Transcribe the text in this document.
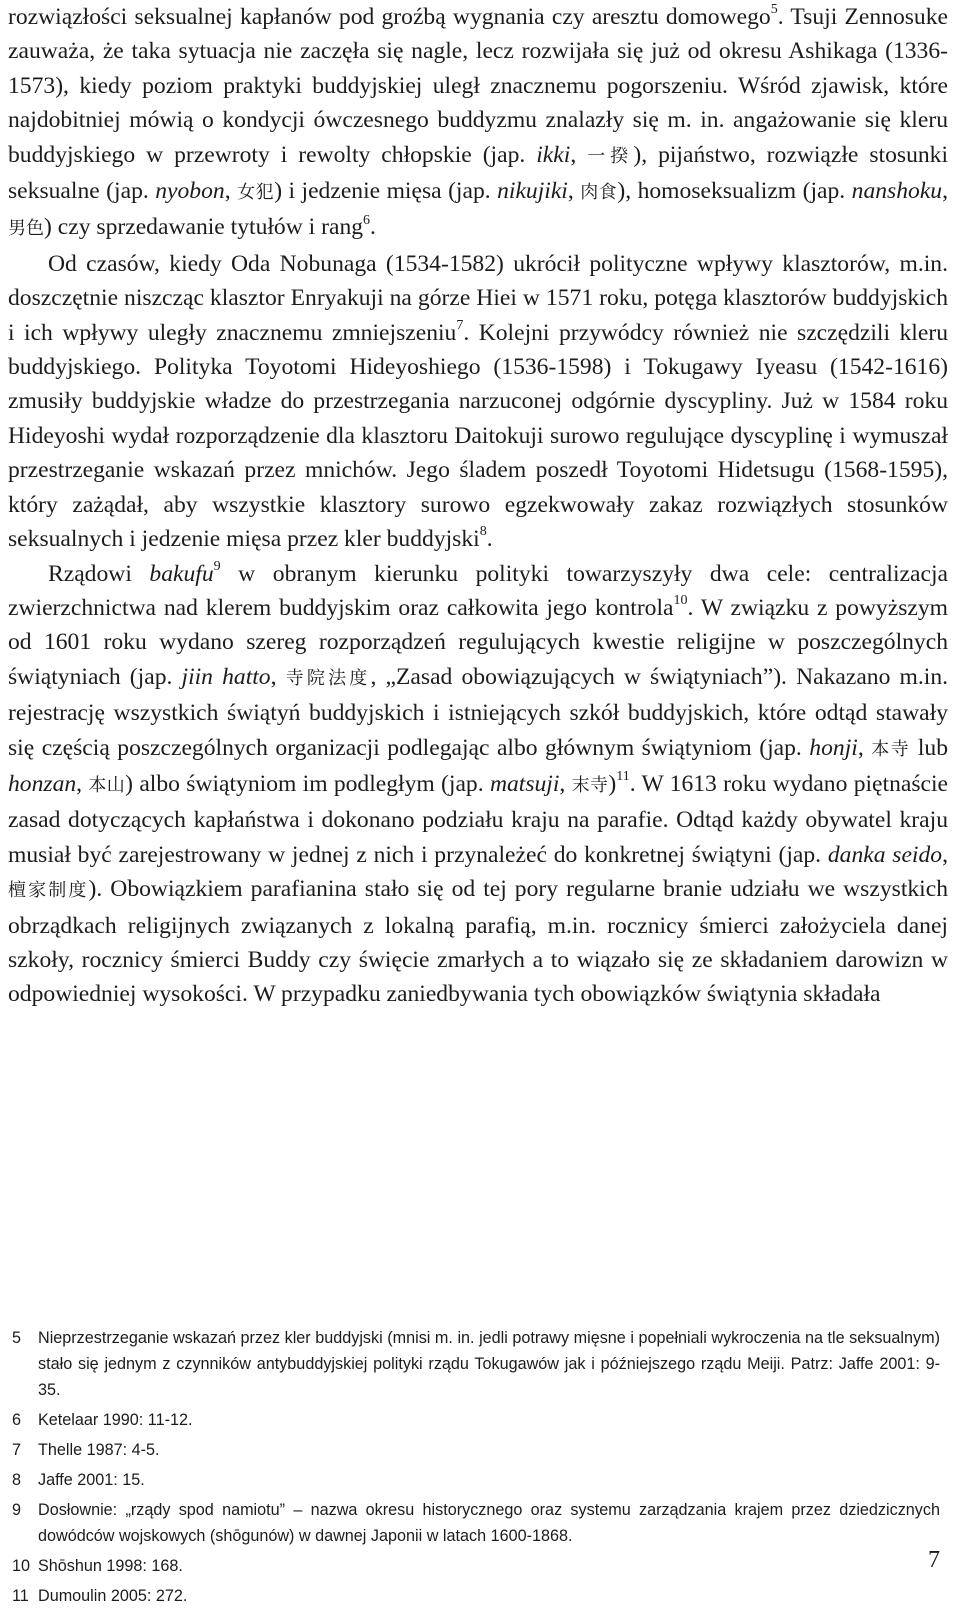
rozwiązłości seksualnej kapłanów pod groźbą wygnania czy aresztu domowego$^5$. Tsuji Zennosuke zauważa, że taka sytuacja nie zaczęła się nagle, lecz rozwijała się już od okresu Ashikaga (1336-1573), kiedy poziom praktyki buddyjskiej uległ znacznemu pogorszeniu. Wśród zjawisk, które najdobitniej mówią o kondycji ówczesnego buddyzmu znalazły się m. in. angażowanie się kleru buddyjskiego w przewroty i rewolty chłopskie (jap. ikki, 一揆), pijaństwo, rozwiązłe stosunki seksualne (jap. nyobon, 女犯) i jedzenie mięsa (jap. nikujiki, 肉食), homoseksualizm (jap. nanshoku, 男色) czy sprzedawanie tytułów i rang$^6$.

Od czasów, kiedy Oda Nobunaga (1534-1582) ukrócił polityczne wpływy klasztorów, m.in. doszczętnie niszcząc klasztor Enryakuji na górze Hiei w 1571 roku, potęga klasztorów buddyjskich i ich wpływy uległy znacznemu zmniejszeniu$^7$. Kolejni przywódcy również nie szczędzili kleru buddyjskiego. Polityka Toyotomi Hideyoshiego (1536-1598) i Tokugawy Iyeasu (1542-1616) zmusiły buddyjskie władze do przestrzegania narzuconej odgórnie dyscypliny. Już w 1584 roku Hideyoshi wydał rozporządzenie dla klasztoru Daitokuji surowo regulujące dyscyplinę i wymuszał przestrzeganie wskazań przez mnichów. Jego śladem poszedł Toyotomi Hidetsugu (1568-1595), który zażądał, aby wszystkie klasztory surowo egzekwowały zakaz rozwiązłych stosunków seksualnych i jedzenie mięsa przez kler buddyjski$^8$.

Rządowi bakufu$^9$ w obranym kierunku polityki towarzyszyły dwa cele: centralizacja zwierzchnictwa nad klerem buddyjskim oraz całkowita jego kontrola$^{10}$. W związku z powyższym od 1601 roku wydano szereg rozporządzeń regulujących kwestie religijne w poszczególnych świątyniach (jap. jiin hatto, 寺院法度, „Zasad obowiązujących w świątyniach”). Nakazano m.in. rejestrację wszystkich świątyń buddyjskich i istniejących szkół buddyjskich, które odtąd stawały się częścią poszczególnych organizacji podlegając albo głównym świątyniom (jap. honji, 本寺 lub honzan, 本山) albo świątyniom im podległym (jap. matsuji, 末寺)$^{11}$. W 1613 roku wydano piętnaście zasad dotyczących kapłaństwa i dokonano podziału kraju na parafie. Odtąd każdy obywatel kraju musiał być zarejestrowany w jednej z nich i przynależeć do konkretnej świątyni (jap. danka seido, 檀家制度). Obowiązkiem parafianina stało się od tej pory regularne branie udziału we wszystkich obrządkach religijnych związanych z lokalną parafią, m.in. rocznicy śmierci założyciela danej szkoły, rocznicy śmierci Buddy czy święcie zmarłych a to wiązało się ze składaniem darowizn w odpowiedniej wysokości. W przypadku zaniedbywania tych obowiązków świątynia składała

5	Nieprzestrzeganie wskazań przez kler buddyjski (mnisi m. in. jedli potrawy mięsne i popełniali wykroczenia na tle seksualnym) stało się jednym z czynników antybuddyjskiej polityki rządu Tokugawów jak i późniejszego rządu Meiji. Patrz: Jaffe 2001: 9-35.
6	Ketelaar 1990: 11-12.
7	Thelle 1987: 4-5.
8	Jaffe 2001: 15.
9	Dosłownie: „rządy spod namiotu” – nazwa okresu historycznego oraz systemu zarządzania krajem przez dziedzicznych dowódców wojskowych (shōgunów) w dawnej Japonii w latach 1600-1868.
10 Shōshun 1998: 168.
11 Dumoulin 2005: 272.
7
